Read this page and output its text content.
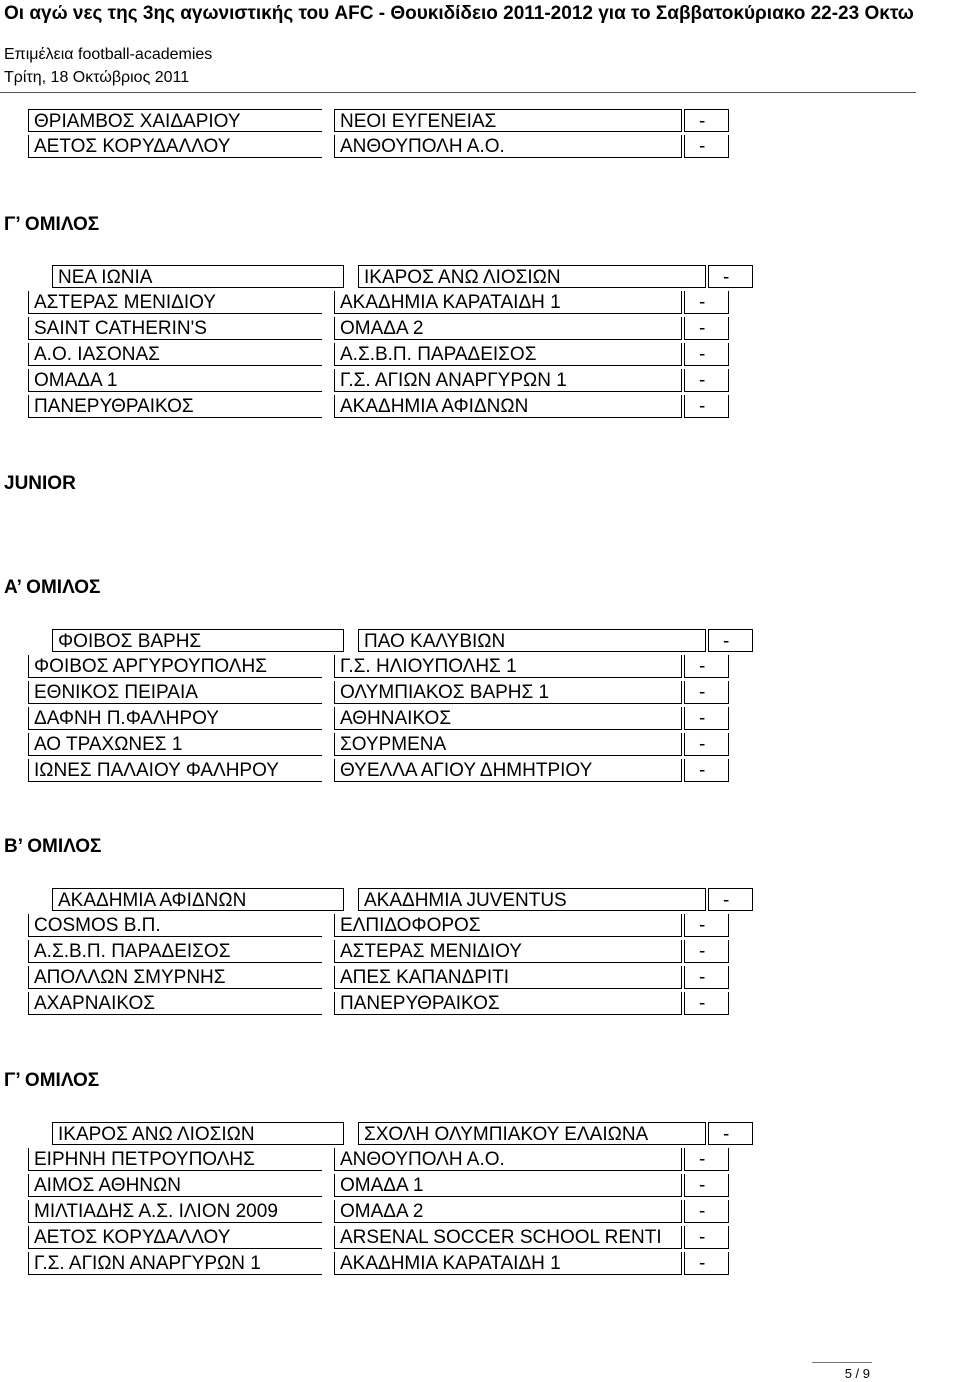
Οι αγώ νες της 3ης αγωνιστικής του AFC - Θουκιδίδειο 2011-2012 για το Σαββατοκύριακο 22-23 Οκτω
Επιμέλεια football-academies
Τρίτη, 18 Οκτώβριος 2011
JUNIOR
ΘΡΙΑΜΒΟΣ ΧΑΙΔΑΡΙΟΥ	ΝΕΟΙ ΕΥΓΕΝΕΙΑΣ	-
ΑΕΤΟΣ ΚΟΡΥΔΑΛΛΟΥ	ΑΝΘΟΥΠΟΛΗ Α.Ο.	-
Γ’ ΟΜΙΛΟΣ
ΝΕΑ ΙΩΝΙΑ	ΙΚΑΡΟΣ ΑΝΩ ΛΙΟΣΙΩΝ	-
ΑΣΤΕΡΑΣ ΜΕΝΙΔΙΟΥ	ΑΚΑΔΗΜΙΑ ΚΑΡΑΤΑΙΔΗ 1	-
SAINT CATHERIN'S	ΟΜΑΔΑ 2	-
Α.Ο. ΙΑΣΟΝΑΣ	Α.Σ.Β.Π. ΠΑΡΑΔΕΙΣΟΣ	-
ΟΜΑΔΑ 1	Γ.Σ. ΑΓΙΩΝ ΑΝΑΡΓΥΡΩΝ 1	-
ΠΑΝΕΡΥΘΡΑΙΚΟΣ	ΑΚΑΔΗΜΙΑ ΑΦΙΔΝΩΝ	-
Α’ ΟΜΙΛΟΣ
ΦΟΙΒΟΣ ΒΑΡΗΣ	ΠΑΟ ΚΑΛΥΒΙΩΝ	-
ΦΟΙΒΟΣ ΑΡΓΥΡΟΥΠΟΛΗΣ	Γ.Σ. ΗΛΙΟΥΠΟΛΗΣ 1	-
ΕΘΝΙΚΟΣ ΠΕΙΡΑΙΑ	ΟΛΥΜΠΙΑΚΟΣ ΒΑΡΗΣ 1	-
ΔΑΦΝΗ Π.ΦΑΛΗΡΟΥ	ΑΘΗΝΑΙΚΟΣ	-
ΑΟ ΤΡΑΧΩΝΕΣ 1	ΣΟΥΡΜΕΝΑ	-
ΙΩΝΕΣ ΠΑΛΑΙΟΥ ΦΑΛΗΡΟΥ	ΘΥΕΛΛΑ ΑΓΙΟΥ ΔΗΜΗΤΡΙΟΥ	-
Β’ ΟΜΙΛΟΣ
ΑΚΑΔΗΜΙΑ ΑΦΙΔΝΩΝ	ΑΚΑΔΗΜΙΑ JUVENTUS	-
COSMOS Β.Π.	ΕΛΠΙΔΟΦΟΡΟΣ	-
Α.Σ.Β.Π. ΠΑΡΑΔΕΙΣΟΣ	ΑΣΤΕΡΑΣ ΜΕΝΙΔΙΟΥ	-
ΑΠΟΛΛΩΝ ΣΜΥΡΝΗΣ	ΑΠΕΣ ΚΑΠΑΝΔΡΙΤΙ	-
ΑΧΑΡΝΑΙΚΟΣ	ΠΑΝΕΡΥΘΡΑΙΚΟΣ	-
Γ’ ΟΜΙΛΟΣ
ΙΚΑΡΟΣ ΑΝΩ ΛΙΟΣΙΩΝ	ΣΧΟΛΗ ΟΛΥΜΠΙΑΚΟΥ ΕΛΑΙΩΝΑ	-
ΕΙΡΗΝΗ ΠΕΤΡΟΥΠΟΛΗΣ	ΑΝΘΟΥΠΟΛΗ Α.Ο.	-
ΑΙΜΟΣ ΑΘΗΝΩΝ	ΟΜΑΔΑ 1	-
ΜΙΛΤΙΑΔΗΣ Α.Σ. ΙΛΙΟΝ 2009	ΟΜΑΔΑ 2	-
ΑΕΤΟΣ ΚΟΡΥΔΑΛΛΟΥ	ARSENAL SOCCER SCHOOL RENTI	-
Γ.Σ. ΑΓΙΩΝ ΑΝΑΡΓΥΡΩΝ 1	ΑΚΑΔΗΜΙΑ ΚΑΡΑΤΑΙΔΗ 1	-
5 / 9
